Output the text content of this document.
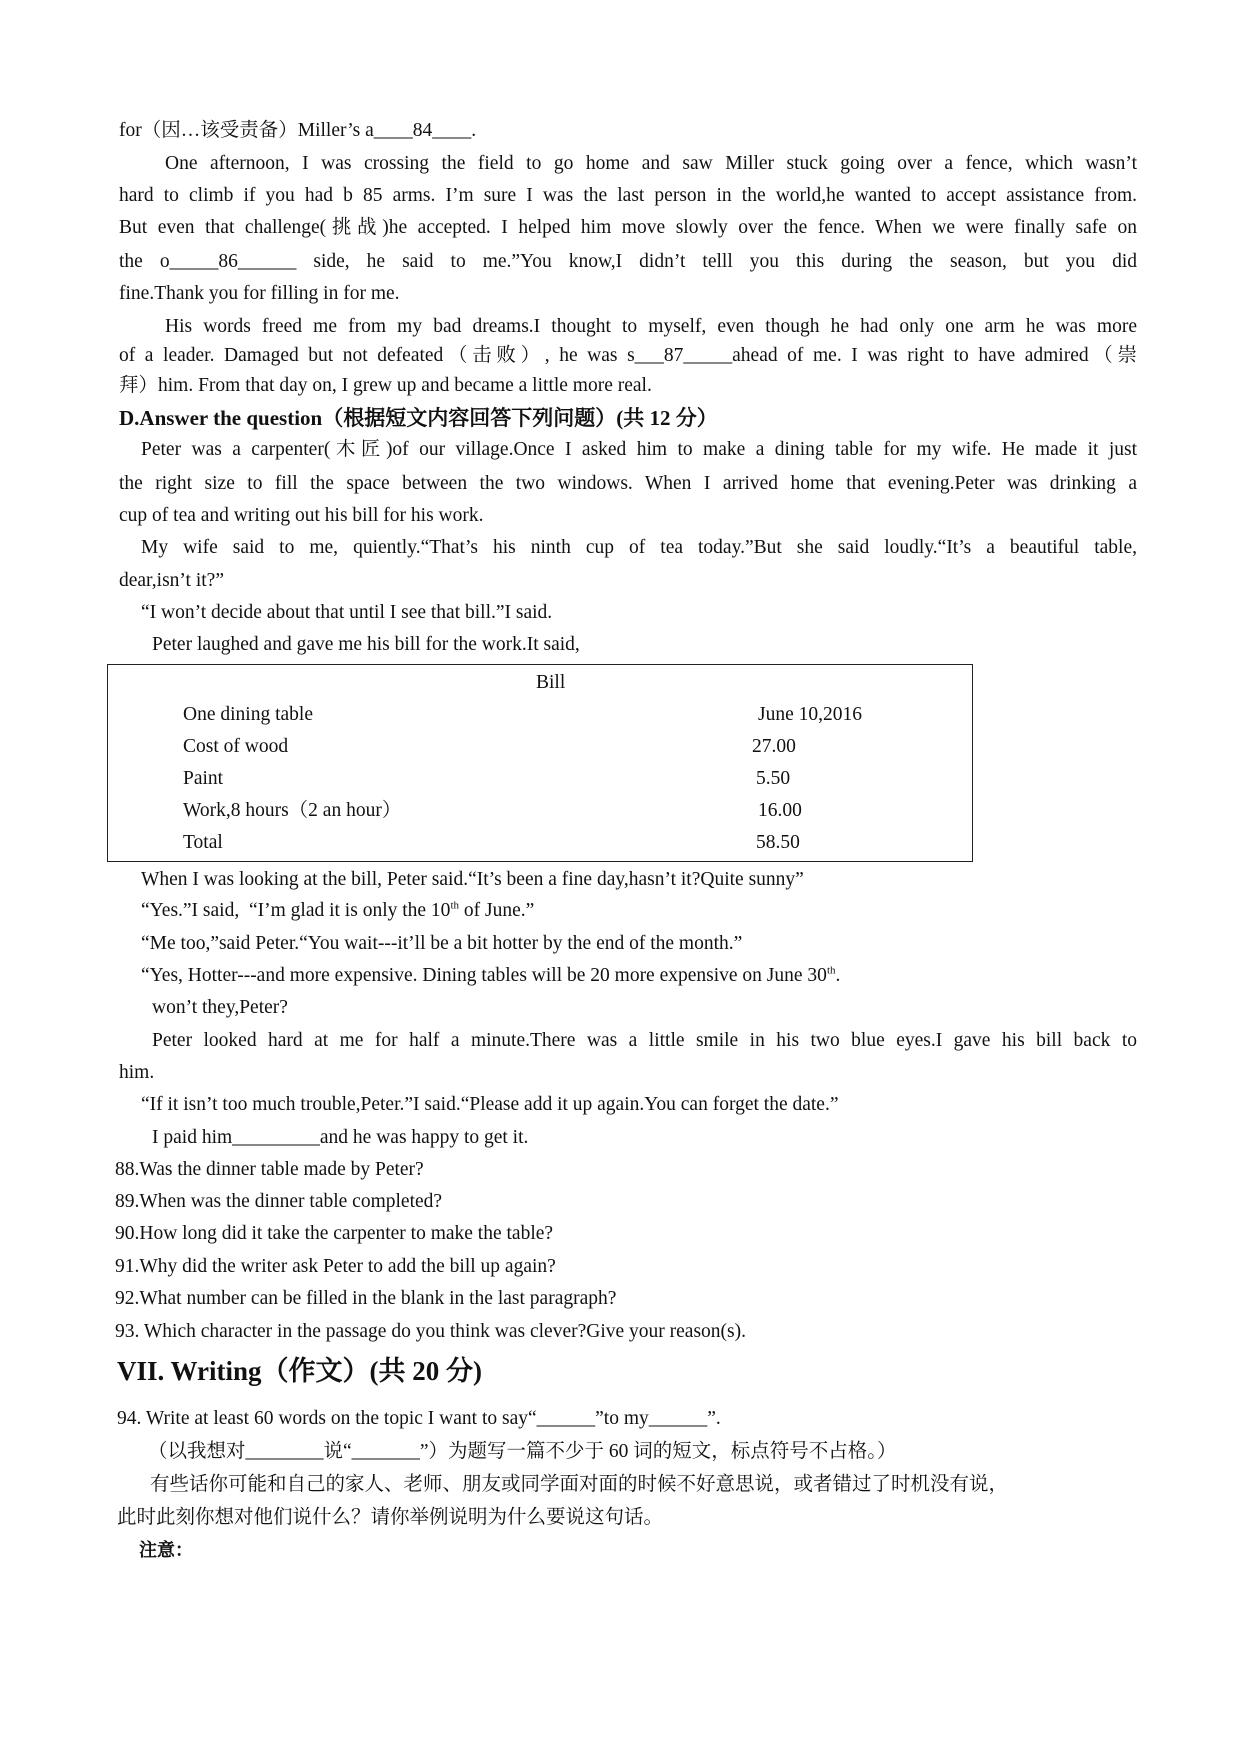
for（因…该受责备）Miller’s a____84____.
One afternoon, I was crossing the field to go home and saw Miller stuck going over a fence, which wasn’t
hard to climb if you had b 85 arms. I’m sure I was the last person in the world,he wanted to accept assistance from.
But even that challenge(挑战)he accepted. I helped him move slowly over the fence. When we were finally safe on
the o_____86______ side, he said to me.”You know,I didn’t telll you this during the season, but you did
fine.Thank you for filling in for me.
His words freed me from my bad dreams.I thought to myself, even though he had only one arm he was more
of a leader. Damaged but not defeated（击败）, he was s___87_____ahead of me. I was right to have admired（崇
拜）him. From that day on, I grew up and became a little more real.
D.Answer the question（根据短文内容回答下列问题）(共 12 分）
Peter was a carpenter(木匠)of our village.Once I asked him to make a dining table for my wife. He made it just
the right size to fill the space between the two windows. When I arrived home that evening.Peter was drinking a
cup of tea and writing out his bill for his work.
My wife said to me, quiently.“That’s his ninth cup of tea today.”But she said loudly.“It’s a beautiful table,
dear,isn’t it?”
“I won’t decide about that until I see that bill.”I said.
Peter laughed and gave me his bill for the work.It said,
Bill
One dining table	June 10,2016
Cost of wood	27.00
Paint	5.50
Work,8 hours（2 an hour）	16.00
Total	58.50
When I was looking at the bill, Peter said.“It’s been a fine day,hasn’t it?Quite sunny”
“Yes.”I said,  “I’m glad it is only the 10th of June.”
“Me too,”said Peter.“You wait---it’ll be a bit hotter by the end of the month.”
“Yes, Hotter---and more expensive. Dining tables will be 20 more expensive on June 30th.
won’t they,Peter?
Peter looked hard at me for half a minute.There was a little smile in his two blue eyes.I gave his bill back to
him.
“If it isn’t too much trouble,Peter.”I said.“Please add it up again.You can forget the date.”
I paid him_________and he was happy to get it.
88.Was the dinner table made by Peter?
89.When was the dinner table completed?
90.How long did it take the carpenter to make the table?
91.Why did the writer ask Peter to add the bill up again?
92.What number can be filled in the blank in the last paragraph?
93. Which character in the passage do you think was clever?Give your reason(s).
VII. Writing（作文）(共 20 分)
94. Write at least 60 words on the topic I want to say“______”to my______”.
（以我想对________说“_______”）为题写一篇不少于 60 词的短文，标点符号不占格。）
有些话你可能和自己的家人、老师、朋友或同学面对面的时候不好意思说，或者错过了时机没有说，
此时此刻你想对他们说什么？请你举例说明为什么要说这句话。
注意：
